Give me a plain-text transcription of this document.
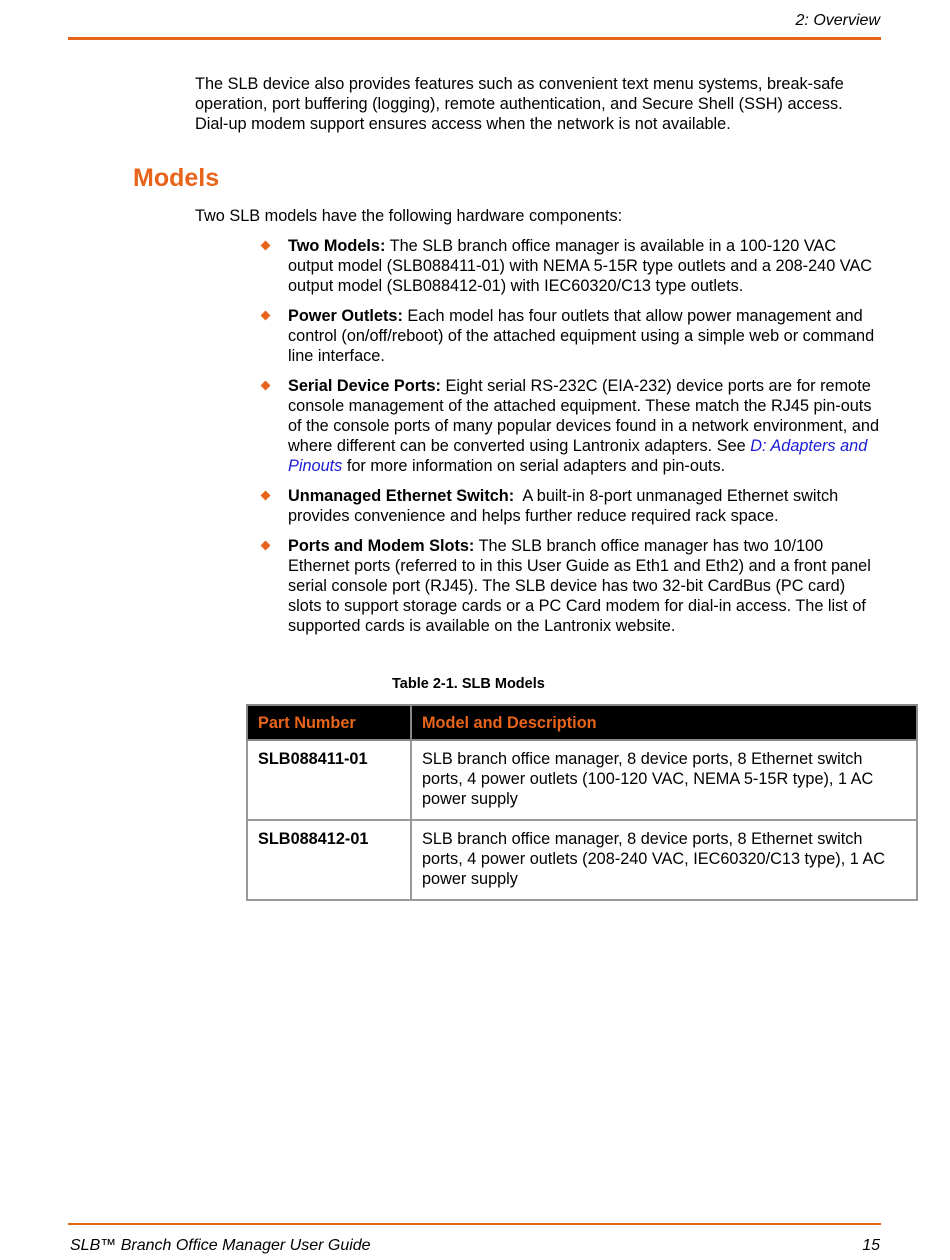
2: Overview

The SLB device also provides features such as convenient text menu systems, break-safe operation, port buffering (logging), remote authentication, and Secure Shell (SSH) access. Dial-up modem support ensures access when the network is not available.

Models

Two SLB models have the following hardware components:

Two Models: The SLB branch office manager is available in a 100-120 VAC output model (SLB088411-01) with NEMA 5-15R type outlets and a 208-240 VAC output model (SLB088412-01) with IEC60320/C13 type outlets.
Power Outlets: Each model has four outlets that allow power management and control (on/off/reboot) of the attached equipment using a simple web or command line interface.
Serial Device Ports: Eight serial RS-232C (EIA-232) device ports are for remote console management of the attached equipment. These match the RJ45 pin-outs of the console ports of many popular devices found in a network environment, and where different can be converted using Lantronix adapters. See D: Adapters and Pinouts for more information on serial adapters and pin-outs.
Unmanaged Ethernet Switch:  A built-in 8-port unmanaged Ethernet switch provides convenience and helps further reduce required rack space.
Ports and Modem Slots: The SLB branch office manager has two 10/100 Ethernet ports (referred to in this User Guide as Eth1 and Eth2) and a front panel serial console port (RJ45). The SLB device has two 32-bit CardBus (PC card) slots to support storage cards or a PC Card modem for dial-in access. The list of supported cards is available on the Lantronix website.
Table 2-1. SLB Models
Part Number	Model and Description
SLB088411-01	SLB branch office manager, 8 device ports, 8 Ethernet switch ports, 4 power outlets (100-120 VAC, NEMA 5-15R type), 1 AC power supply
SLB088412-01	SLB branch office manager, 8 device ports, 8 Ethernet switch ports, 4 power outlets (208-240 VAC, IEC60320/C13 type), 1 AC power supply
SLB™ Branch Office Manager User Guide	15
